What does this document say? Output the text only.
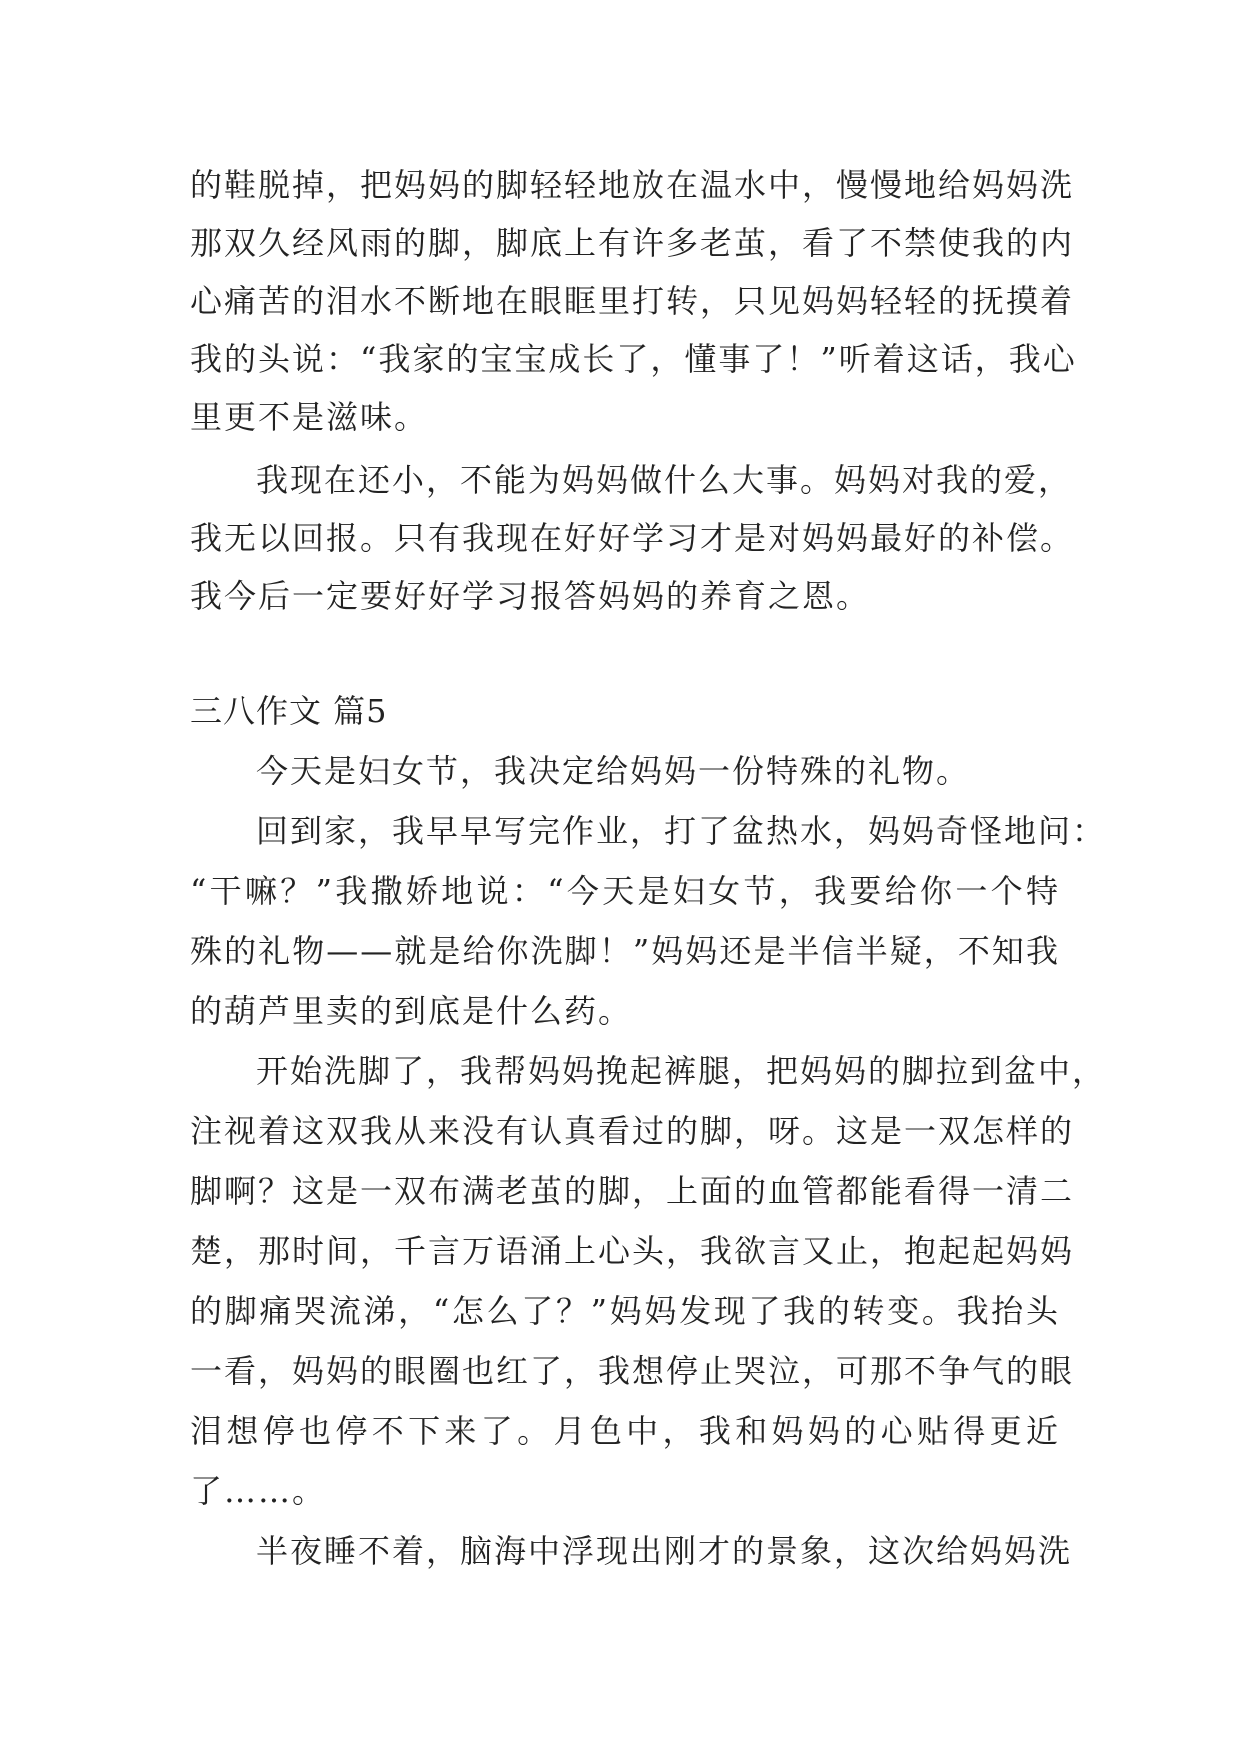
的鞋脱掉，把妈妈的脚轻轻地放在温水中，慢慢地给妈妈洗
那双久经风雨的脚，脚底上有许多老茧，看了不禁使我的内
心痛苦的泪水不断地在眼眶里打转，只见妈妈轻轻的抚摸着
我的头说：“我家的宝宝成长了，懂事了！”听着这话，我心
里更不是滋味。
我现在还小，不能为妈妈做什么大事。妈妈对我的爱，
我无以回报。只有我现在好好学习才是对妈妈最好的补偿。
我今后一定要好好学习报答妈妈的养育之恩。
三八作文 篇5
今天是妇女节，我决定给妈妈一份特殊的礼物。
回到家，我早早写完作业，打了盆热水，妈妈奇怪地问：
“干嘛？”我撒娇地说：“今天是妇女节，我要给你一个特
殊的礼物——就是给你洗脚！”妈妈还是半信半疑，不知我
的葫芦里卖的到底是什么药。
开始洗脚了，我帮妈妈挽起裤腿，把妈妈的脚拉到盆中，
注视着这双我从来没有认真看过的脚，呀。这是一双怎样的
脚啊？这是一双布满老茧的脚，上面的血管都能看得一清二
楚，那时间，千言万语涌上心头，我欲言又止，抱起起妈妈
的脚痛哭流涕，“怎么了？”妈妈发现了我的转变。我抬头
一看，妈妈的眼圈也红了，我想停止哭泣，可那不争气的眼
泪想停也停不下来了。月色中，我和妈妈的心贴得更近
了……。
半夜睡不着，脑海中浮现出刚才的景象，这次给妈妈洗
